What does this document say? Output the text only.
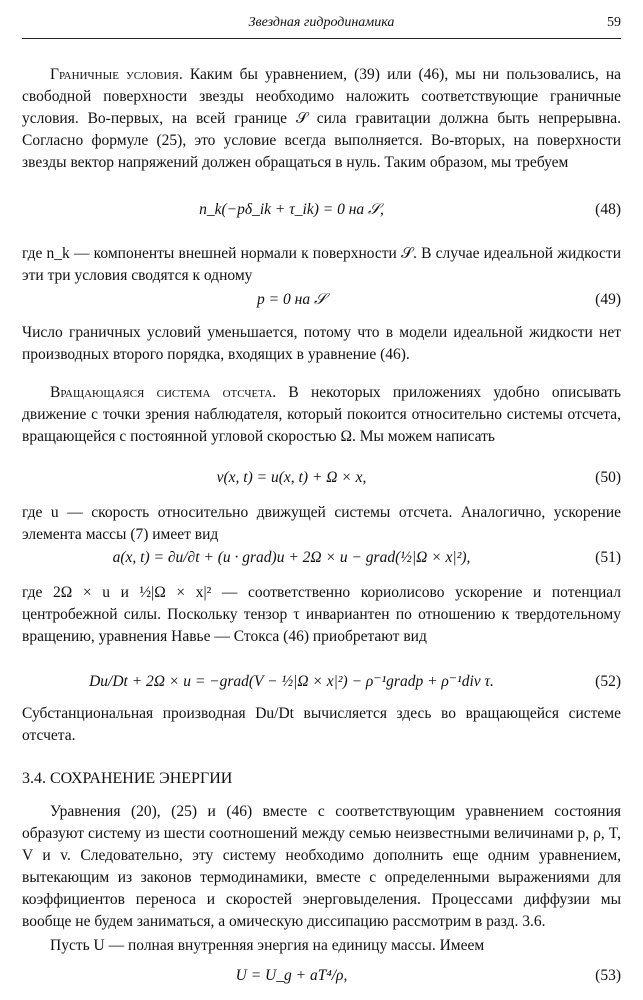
Звездная гидродинамика	59

Граничные условия. Каким бы уравнением, (39) или (46), мы ни пользовались, на свободной поверхности звезды необходимо наложить соответствующие граничные условия. Во-первых, на всей границе 𝒮 сила гравитации должна быть непрерывна. Согласно формуле (25), это условие всегда выполняется. Во-вторых, на поверхности звезды вектор напряжений должен обращаться в нуль. Таким образом, мы требуем

n_k(−pδ_ik + τ_ik) = 0 на 𝒮,	(48)

где n_k — компоненты внешней нормали к поверхности 𝒮. В случае идеальной жидкости эти три условия сводятся к одному

p = 0 на 𝒮	(49)

Число граничных условий уменьшается, потому что в модели идеальной жидкости нет производных второго порядка, входящих в уравнение (46).

Вращающаяся система отсчета. В некоторых приложениях удобно описывать движение с точки зрения наблюдателя, который покоится относительно системы отсчета, вращающейся с постоянной угловой скоростью Ω. Мы можем написать

v(x, t) = u(x, t) + Ω × x,	(50)

где u — скорость относительно движущей системы отсчета. Аналогично, ускорение элемента массы (7) имеет вид

a(x, t) = ∂u/∂t + (u · grad)u + 2Ω × u − grad(½|Ω × x|²),	(51)

где 2Ω × u и ½|Ω × x|² — соответственно кориолисово ускорение и потенциал центробежной силы. Поскольку тензор τ инвариантен по отношению к твердотельному вращению, уравнения Навье — Стокса (46) приобретают вид

Du/Dt + 2Ω × u = −grad(V − ½|Ω × x|²) − ρ⁻¹gradp + ρ⁻¹div τ.	(52)

Субстанциональная производная Du/Dt вычисляется здесь во вращающейся системе отсчета.

3.4. СОХРАНЕНИЕ ЭНЕРГИИ

Уравнения (20), (25) и (46) вместе с соответствующим уравнением состояния образуют систему из шести соотношений между семью неизвестными величинами p, ρ, T, V и v. Следовательно, эту систему необходимо дополнить еще одним уравнением, вытекающим из законов термодинамики, вместе с определенными выражениями для коэффициентов переноса и скоростей энерговыделения. Процессами диффузии мы вообще не будем заниматься, а омическую диссипацию рассмотрим в разд. 3.6.

Пусть U — полная внутренняя энергия на единицу массы. Имеем

U = U_g + aT⁴/ρ,	(53)
